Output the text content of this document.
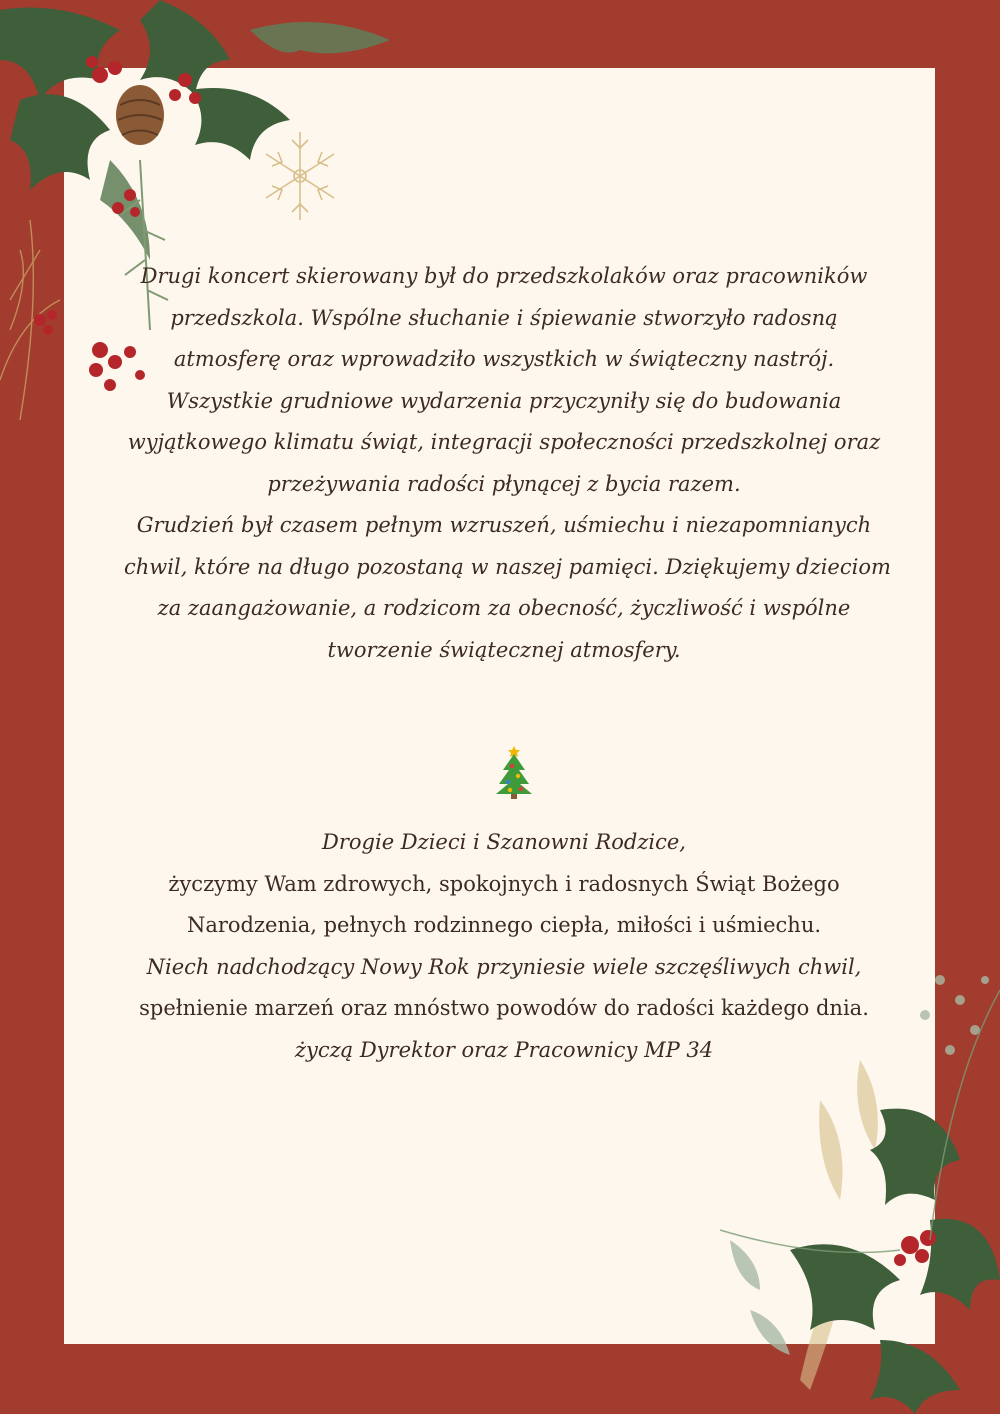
Drugi koncert skierowany był do przedszkolaków oraz pracowników
przedszkola. Wspólne słuchanie i śpiewanie stworzyło radosną
atmosferę oraz wprowadziło wszystkich w świąteczny nastrój.
Wszystkie grudniowe wydarzenia przyczyniły się do budowania
wyjątkowego klimatu świąt, integracji społeczności przedszkolnej oraz
przeżywania radości płynącej z bycia razem.
Grudzień był czasem pełnym wzruszeń, uśmiechu i niezapomnianych
chwil, które na długo pozostaną w naszej pamięci. Dziękujemy dzieciom
za zaangażowanie, a rodzicom za obecność, życzliwość i wspólne
tworzenie świątecznej atmosfery.
Drogie Dzieci i Szanowni Rodzice,
życzymy Wam zdrowych, spokojnych i radosnych Świąt Bożego
Narodzenia, pełnych rodzinnego ciepła, miłości i uśmiechu.
Niech nadchodzący Nowy Rok przyniesie wiele szczęśliwych chwil,
spełnienie marzeń oraz mnóstwo powodów do radości każdego dnia.
życzą Dyrektor oraz Pracownicy MP 34
